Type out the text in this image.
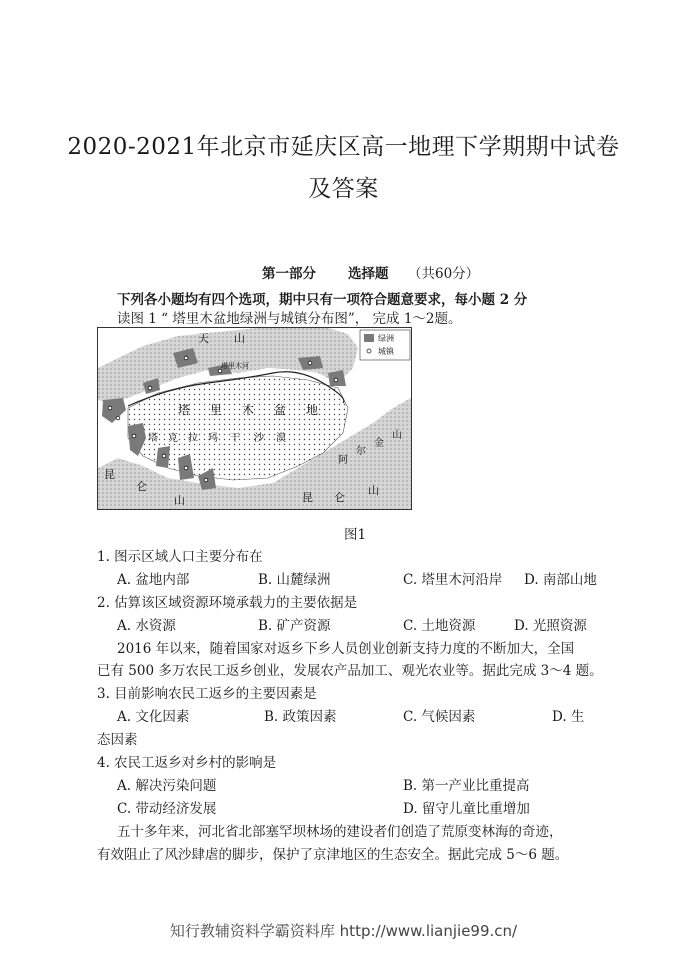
2020-2021年北京市延庆区高一地理下学期期中试卷
及答案
第一部分 选择题 （共60分）
下列各小题均有四个选项，期中只有一项符合题意要求，每小题 2 分
读图 1 “ 塔里木盆地绿洲与城镇分布图”， 完成 1～2题。
绿洲
城镇
天 山
塔里木河
塔 里 木 盆 地
塔 克 拉 玛 干 沙 漠
昆
仑
山	昆 仑
山
阿
尔
金
山
图1
1. 图示区域人口主要分布在
A. 盆地内部	B. 山麓绿洲	C. 塔里木河沿岸 D. 南部山地
2. 估算该区域资源环境承载力的主要依据是
A. 水资源	B. 矿产资源	C. 土地资源	D. 光照资源
2016 年以来，随着国家对返乡下乡人员创业创新支持力度的不断加大，全国
已有 500 多万农民工返乡创业，发展农产品加工、观光农业等。据此完成 3～4 题。
3. 目前影响农民工返乡的主要因素是
A. 文化因素	B. 政策因素	C. 气候因素	D. 生
态因素
4. 农民工返乡对乡村的影响是
A. 解决污染问题	B. 第一产业比重提高
C. 带动经济发展	D. 留守儿童比重增加
五十多年来，河北省北部塞罕坝林场的建设者们创造了荒原变林海的奇迹，
有效阻止了风沙肆虐的脚步，保护了京津地区的生态安全。据此完成 5～6 题。
知行教辅资料学霸资料库 http://www.lianjie99.cn/
